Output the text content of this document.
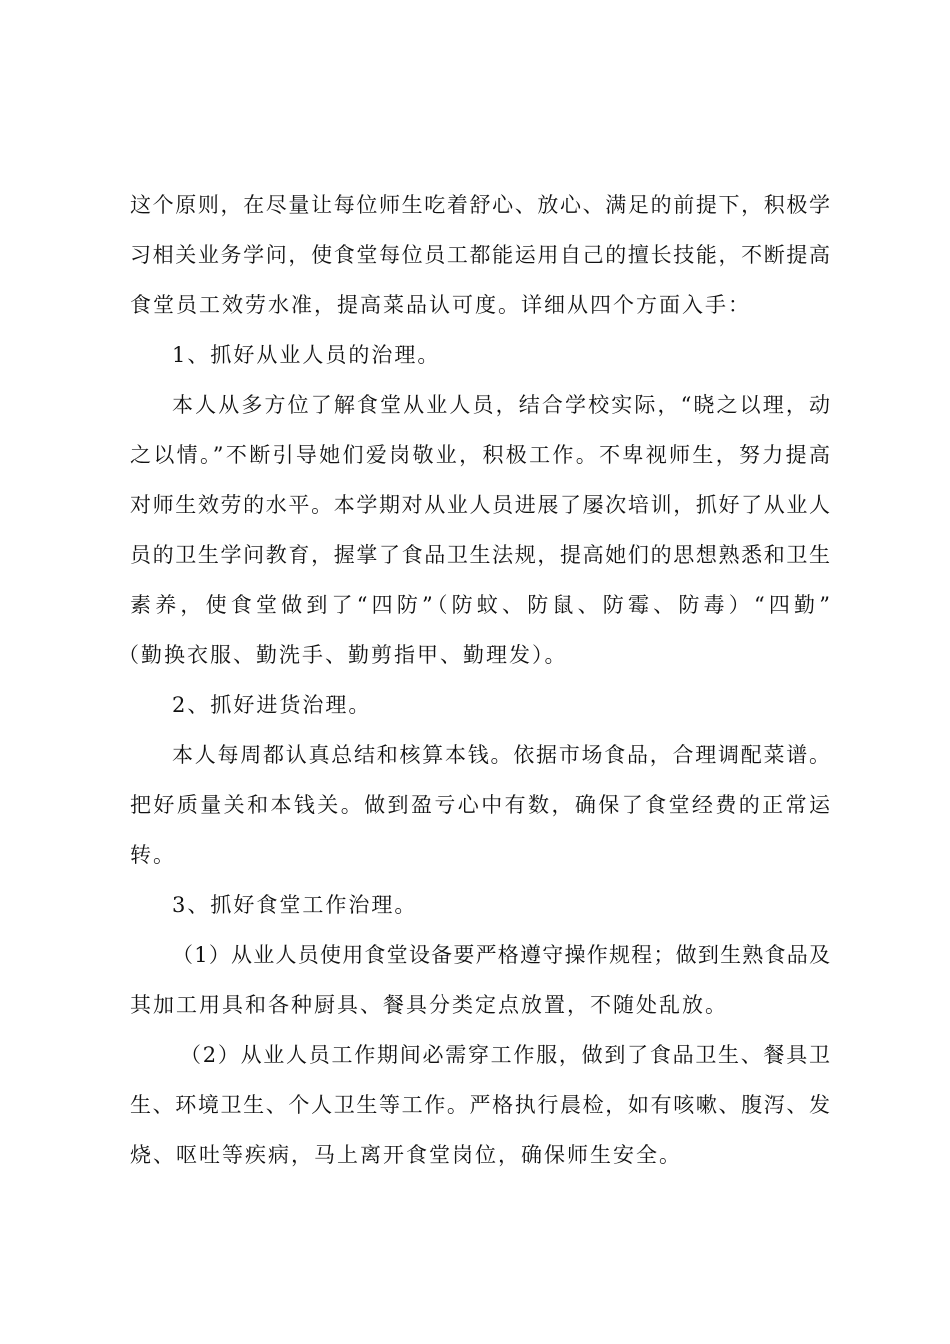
这个原则，在尽量让每位师生吃着舒心、放心、满足的前提下，积极学
习相关业务学问，使食堂每位员工都能运用自己的擅长技能，不断提高
食堂员工效劳水准，提高菜品认可度。详细从四个方面入手：
1、抓好从业人员的治理。
本人从多方位了解食堂从业人员，结合学校实际，“晓之以理，动
之以情。”不断引导她们爱岗敬业，积极工作。不卑视师生，努力提高
对师生效劳的水平。本学期对从业人员进展了屡次培训，抓好了从业人
员的卫生学问教育，握掌了食品卫生法规，提高她们的思想熟悉和卫生
素养，使食堂做到了“四防”（防蚊、防鼠、防霉、防毒）“四勤”
（勤换衣服、勤洗手、勤剪指甲、勤理发）。
2、抓好进货治理。
本人每周都认真总结和核算本钱。依据市场食品，合理调配菜谱。
把好质量关和本钱关。做到盈亏心中有数，确保了食堂经费的正常运
转。
3、抓好食堂工作治理。
（1）从业人员使用食堂设备要严格遵守操作规程；做到生熟食品及
其加工用具和各种厨具、餐具分类定点放置，不随处乱放。
（2）从业人员工作期间必需穿工作服，做到了食品卫生、餐具卫
生、环境卫生、个人卫生等工作。严格执行晨检，如有咳嗽、腹泻、发
烧、呕吐等疾病，马上离开食堂岗位，确保师生安全。
